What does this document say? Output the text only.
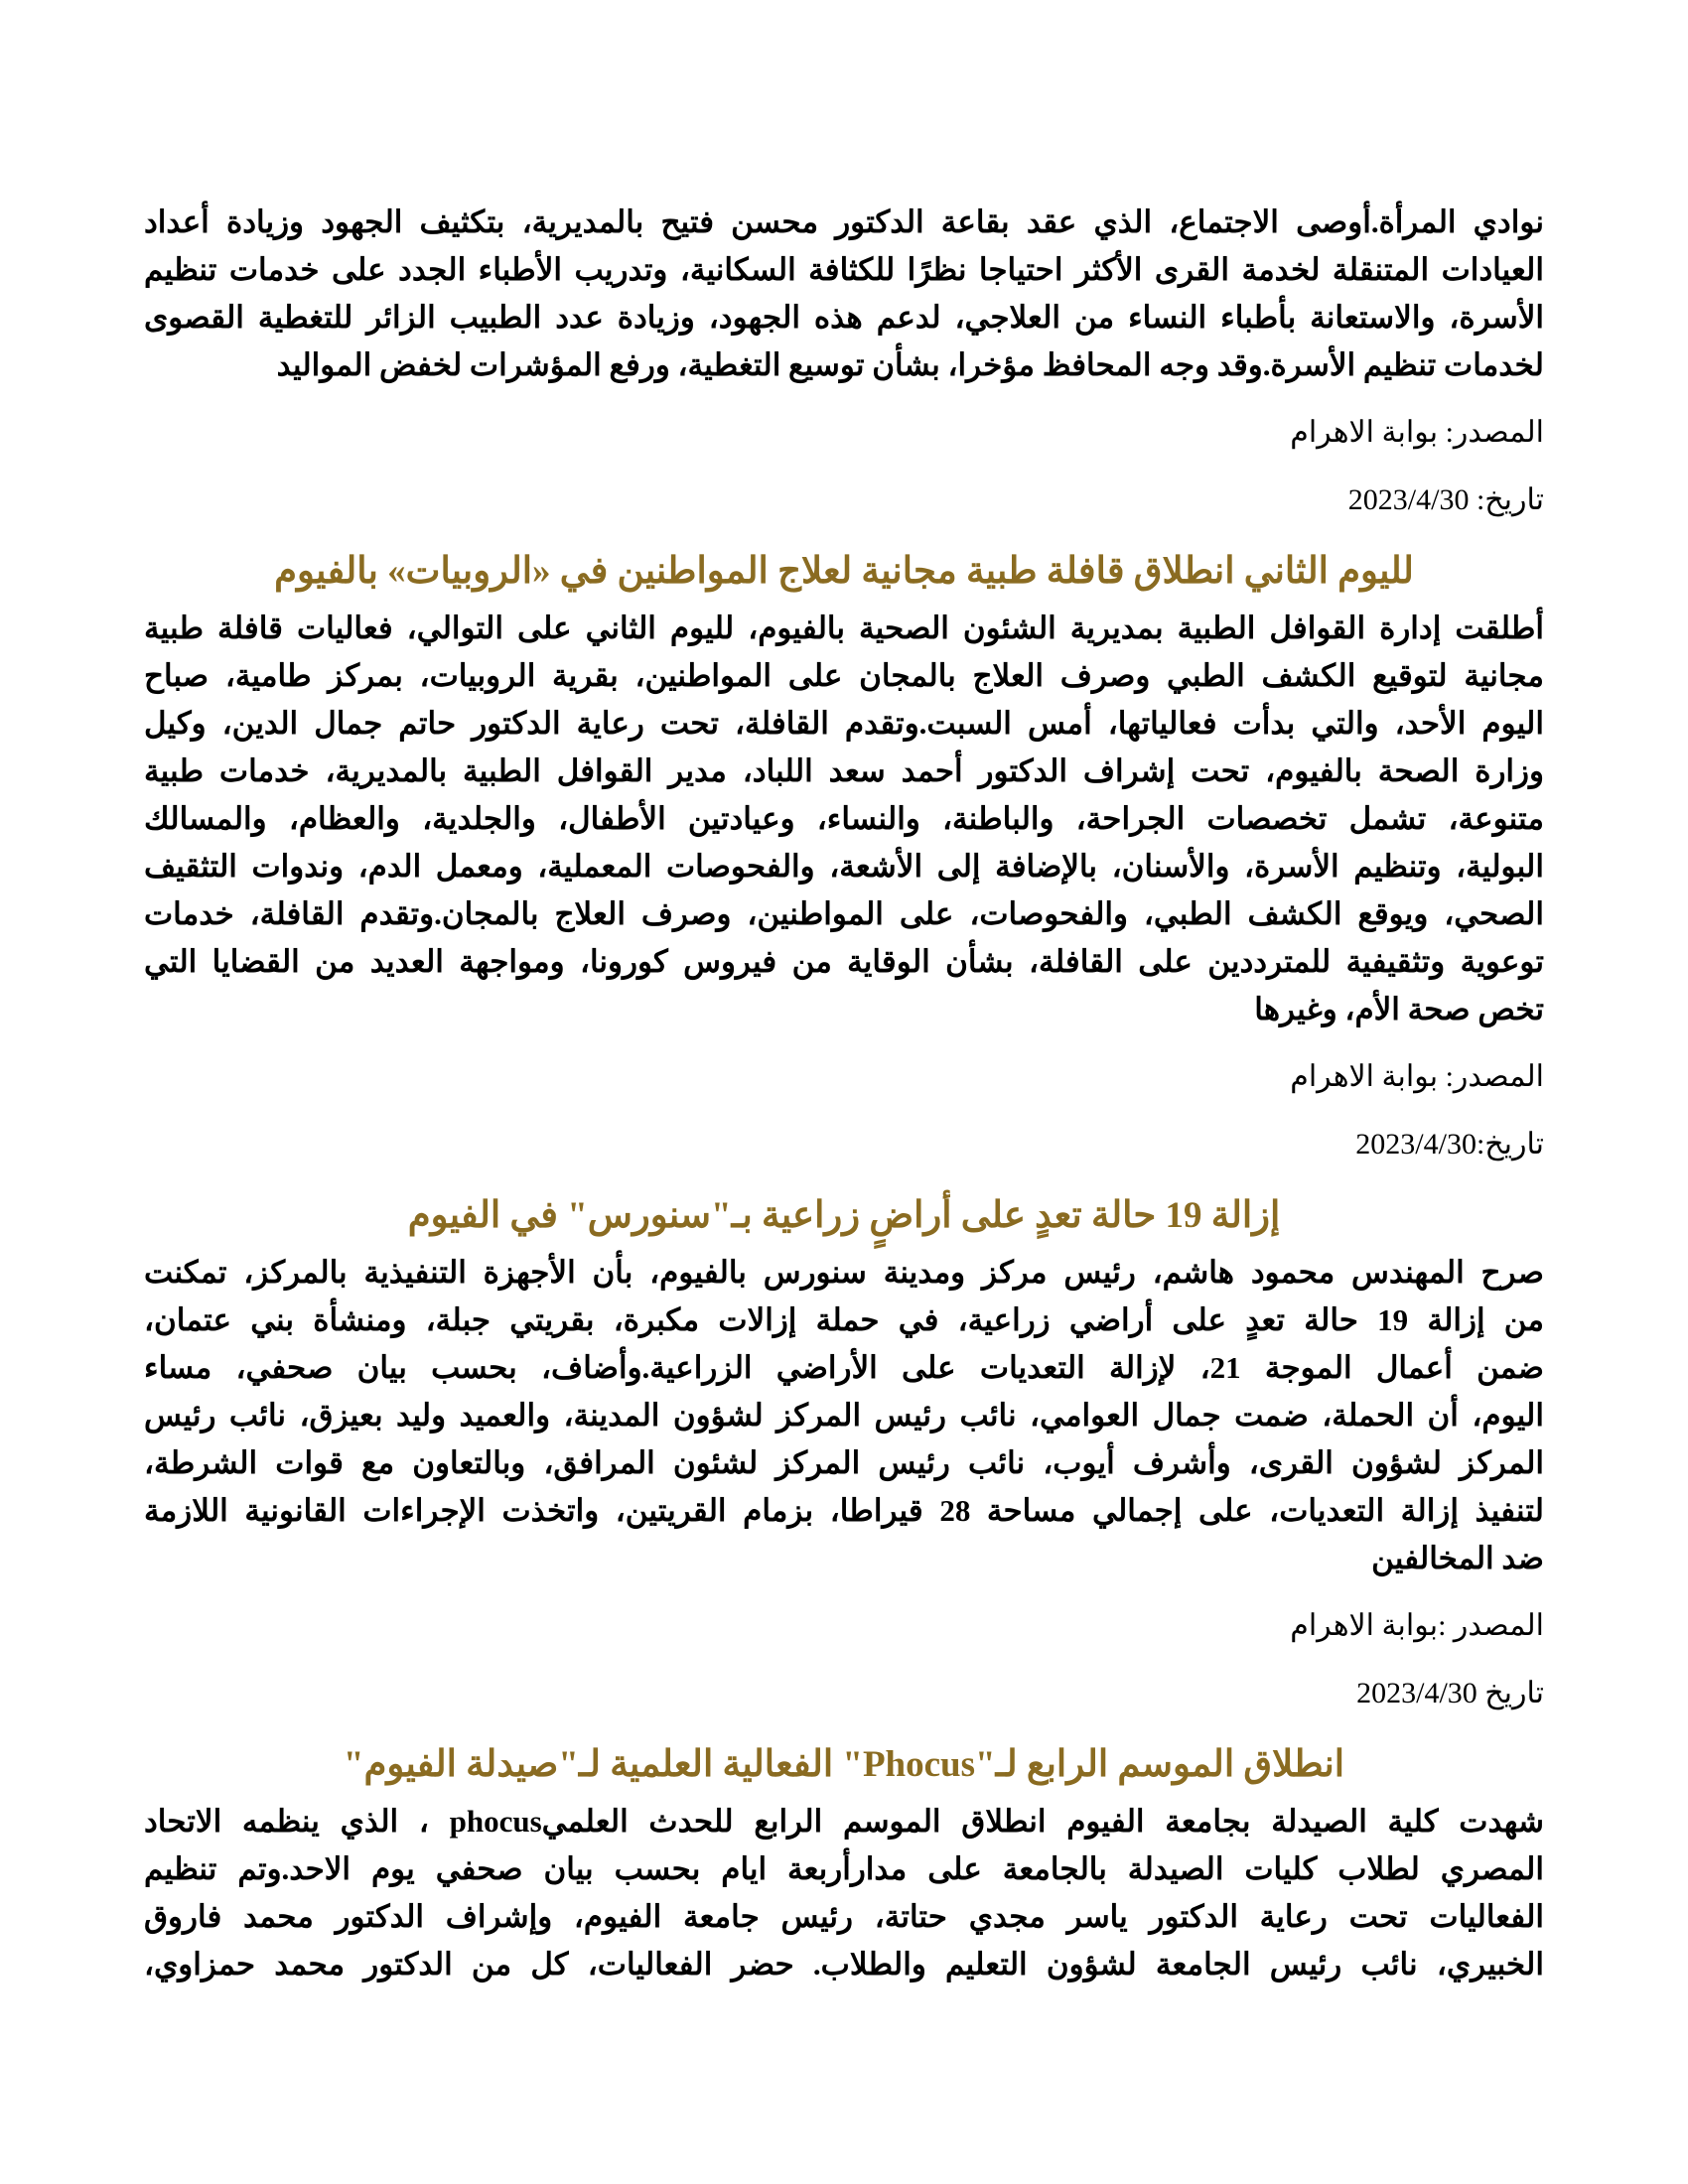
نوادي المرأة.أوصى الاجتماع، الذي عقد بقاعة الدكتور محسن فتيح بالمديرية، بتكثيف الجهود وزيادة أعداد
العيادات المتنقلة لخدمة القرى الأكثر احتياجا نظرًا للكثافة السكانية، وتدريب الأطباء الجدد على خدمات تنظيم
الأسرة، والاستعانة بأطباء النساء من العلاجي، لدعم هذه الجهود، وزيادة عدد الطبيب الزائر للتغطية القصوى
لخدمات تنظيم الأسرة.وقد وجه المحافظ مؤخرا، بشأن توسيع التغطية، ورفع المؤشرات لخفض المواليد

المصدر: بوابة الاهرام

تاريخ: 2023/4/30

لليوم الثاني انطلاق قافلة طبية مجانية لعلاج المواطنين في «الروبيات» بالفيوم
أطلقت إدارة القوافل الطبية بمديرية الشئون الصحية بالفيوم، لليوم الثاني على التوالي، فعاليات قافلة طبية
مجانية لتوقيع الكشف الطبي وصرف العلاج بالمجان على المواطنين، بقرية الروبيات، بمركز طامية، صباح
اليوم الأحد، والتي بدأت فعالياتها، أمس السبت.وتقدم القافلة، تحت رعاية الدكتور حاتم جمال الدين، وكيل
وزارة الصحة بالفيوم، تحت إشراف الدكتور أحمد سعد اللباد، مدير القوافل الطبية بالمديرية، خدمات طبية
متنوعة، تشمل تخصصات الجراحة، والباطنة، والنساء، وعيادتين الأطفال، والجلدية، والعظام، والمسالك
البولية، وتنظيم الأسرة، والأسنان، بالإضافة إلى الأشعة، والفحوصات المعملية، ومعمل الدم، وندوات التثقيف
الصحي، ويوقع الكشف الطبي، والفحوصات، على المواطنين، وصرف العلاج بالمجان.وتقدم القافلة، خدمات
توعوية وتثقيفية للمترددين على القافلة، بشأن الوقاية من فيروس كورونا، ومواجهة العديد من القضايا التي
تخص صحة الأم، وغيرها

المصدر: بوابة الاهرام

تاريخ:2023/4/30

إزالة 19 حالة تعدٍ على أراضٍ زراعية بـ"سنورس" في الفيوم
صرح المهندس محمود هاشم، رئيس مركز ومدينة سنورس بالفيوم، بأن الأجهزة التنفيذية بالمركز، تمكنت
من إزالة 19 حالة تعدٍ على أراضي زراعية، في حملة إزالات مكبرة، بقريتي جبلة، ومنشأة بني عتمان،
ضمن أعمال الموجة 21، لإزالة التعديات على الأراضي الزراعية.وأضاف، بحسب بيان صحفي، مساء
اليوم، أن الحملة، ضمت جمال العوامي، نائب رئيس المركز لشؤون المدينة، والعميد وليد بعيزق، نائب رئيس
المركز لشؤون القرى، وأشرف أيوب، نائب رئيس المركز لشئون المرافق، وبالتعاون مع قوات الشرطة،
لتنفيذ إزالة التعديات، على إجمالي مساحة 28 قيراطا، بزمام القريتين، واتخذت الإجراءات القانونية اللازمة
ضد المخالفين

المصدر :بوابة الاهرام

تاريخ 2023/4/30

انطلاق الموسم الرابع لـ"Phocus" الفعالية العلمية لـ"صيدلة الفيوم"
شهدت كلية الصيدلة بجامعة الفيوم انطلاق الموسم الرابع للحدث العلميphocus ، الذي ينظمه الاتحاد
المصري لطلاب كليات الصيدلة بالجامعة على مدارأربعة ايام بحسب بيان صحفي يوم الاحد.وتم تنظيم
الفعاليات تحت رعاية الدكتور ياسر مجدي حتاتة، رئيس جامعة الفيوم، وإشراف الدكتور محمد فاروق
الخبيري، نائب رئيس الجامعة لشؤون التعليم والطلاب. حضر الفعاليات، كل من الدكتور محمد حمزاوي،
